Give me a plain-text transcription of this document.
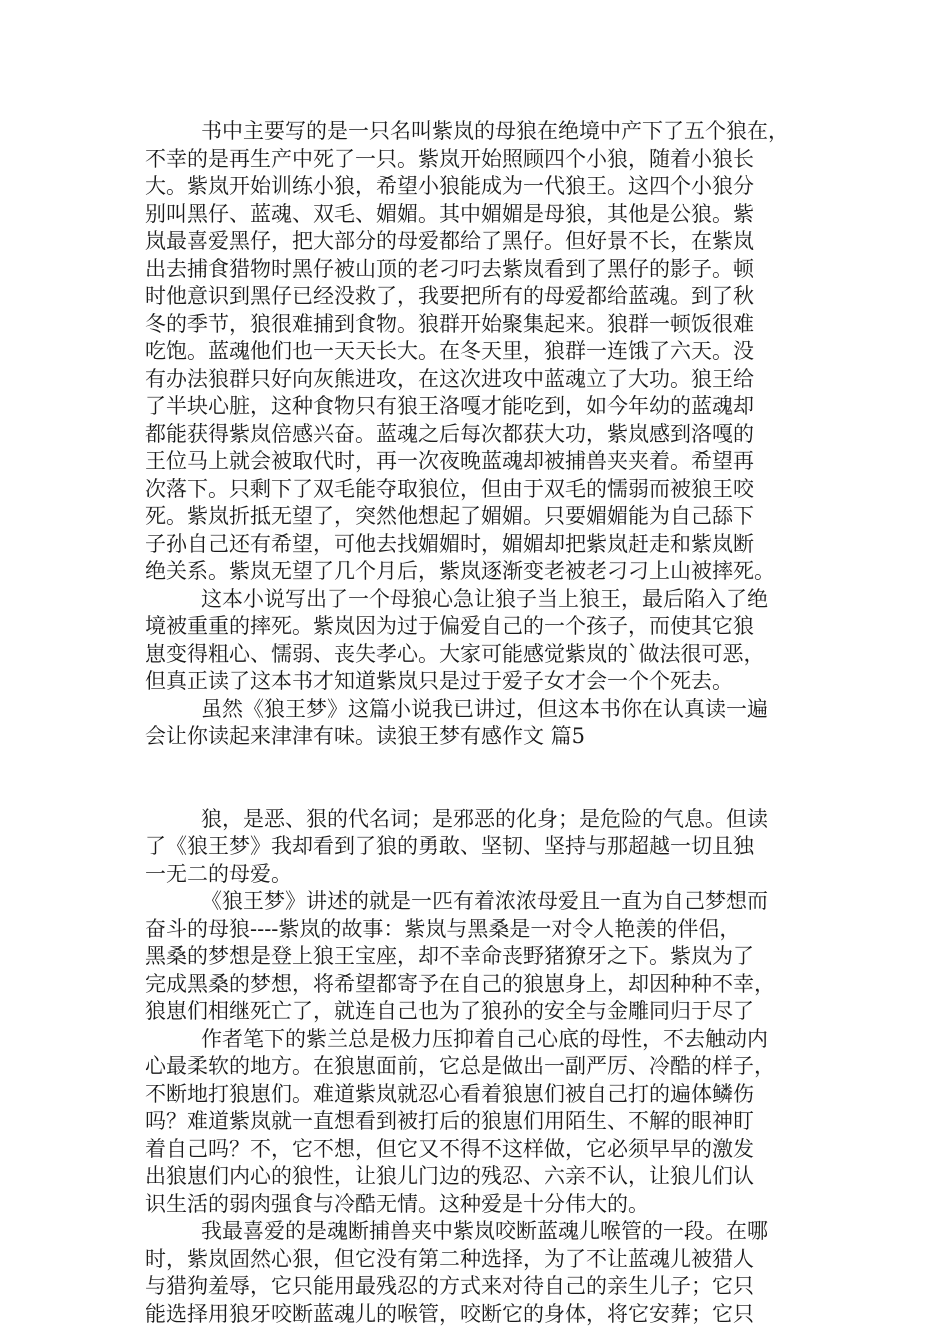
书中主要写的是一只名叫紫岚的母狼在绝境中产下了五个狼在，
不幸的是再生产中死了一只。紫岚开始照顾四个小狼，随着小狼长
大。紫岚开始训练小狼，希望小狼能成为一代狼王。这四个小狼分
别叫黑仔、蓝魂、双毛、媚媚。其中媚媚是母狼，其他是公狼。紫
岚最喜爱黑仔，把大部分的母爱都给了黑仔。但好景不长，在紫岚
出去捕食猎物时黑仔被山顶的老刁叼去紫岚看到了黑仔的影子。顿
时他意识到黑仔已经没救了，我要把所有的母爱都给蓝魂。到了秋
冬的季节，狼很难捕到食物。狼群开始聚集起来。狼群一顿饭很难
吃饱。蓝魂他们也一天天长大。在冬天里，狼群一连饿了六天。没
有办法狼群只好向灰熊进攻，在这次进攻中蓝魂立了大功。狼王给
了半块心脏，这种食物只有狼王洛嘎才能吃到，如今年幼的蓝魂却
都能获得紫岚倍感兴奋。蓝魂之后每次都获大功，紫岚感到洛嘎的
王位马上就会被取代时，再一次夜晚蓝魂却被捕兽夹夹着。希望再
次落下。只剩下了双毛能夺取狼位，但由于双毛的懦弱而被狼王咬
死。紫岚折抵无望了，突然他想起了媚媚。只要媚媚能为自己舔下
子孙自己还有希望，可他去找媚媚时，媚媚却把紫岚赶走和紫岚断
绝关系。紫岚无望了几个月后，紫岚逐渐变老被老刁刁上山被摔死。
这本小说写出了一个母狼心急让狼子当上狼王，最后陷入了绝
境被重重的摔死。紫岚因为过于偏爱自己的一个孩子，而使其它狼
崽变得粗心、懦弱、丧失孝心。大家可能感觉紫岚的`做法很可恶，
但真正读了这本书才知道紫岚只是过于爱子女才会一个个死去。
虽然《狼王梦》这篇小说我已讲过，但这本书你在认真读一遍
会让你读起来津津有味。读狼王梦有感作文 篇5
狼，是恶、狠的代名词；是邪恶的化身；是危险的气息。但读
了《狼王梦》我却看到了狼的勇敢、坚韧、坚持与那超越一切且独
一无二的母爱。
《狼王梦》讲述的就是一匹有着浓浓母爱且一直为自己梦想而
奋斗的母狼----紫岚的故事：紫岚与黑桑是一对令人艳羡的伴侣，
黑桑的梦想是登上狼王宝座，却不幸命丧野猪獠牙之下。紫岚为了
完成黑桑的梦想，将希望都寄予在自己的狼崽身上，却因种种不幸，
狼崽们相继死亡了，就连自己也为了狼孙的安全与金雕同归于尽了
作者笔下的紫兰总是极力压抑着自己心底的母性，不去触动内
心最柔软的地方。在狼崽面前，它总是做出一副严厉、冷酷的样子，
不断地打狼崽们。难道紫岚就忍心看着狼崽们被自己打的遍体鳞伤
吗？难道紫岚就一直想看到被打后的狼崽们用陌生、不解的眼神盯
着自己吗？不，它不想，但它又不得不这样做，它必须早早的激发
出狼崽们内心的狼性，让狼儿门边的残忍、六亲不认，让狼儿们认
识生活的弱肉强食与冷酷无情。这种爱是十分伟大的。
我最喜爱的是魂断捕兽夹中紫岚咬断蓝魂儿喉管的一段。在哪
时，紫岚固然心狠，但它没有第二种选择，为了不让蓝魂儿被猎人
与猎狗羞辱，它只能用最残忍的方式来对待自己的亲生儿子；它只
能选择用狼牙咬断蓝魂儿的喉管，咬断它的身体，将它安葬；它只
